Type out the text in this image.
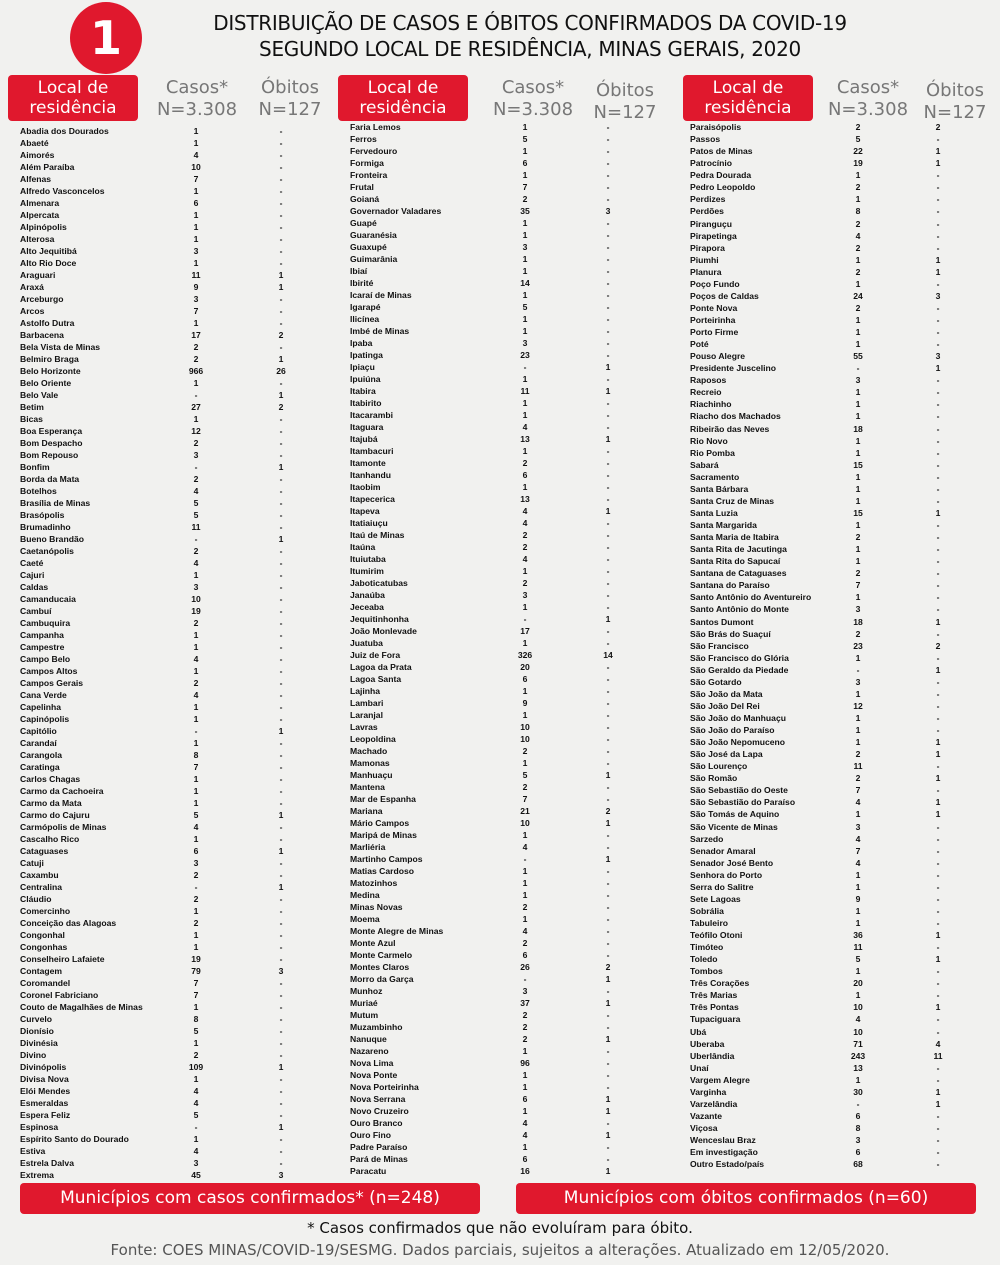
1	DISTRIBUIÇÃO DE CASOS E ÓBITOS CONFIRMADOS DA COVID-19
SEGUNDO LOCAL DE RESIDÊNCIA, MINAS GERAIS, 2020
Local de residência
Casos*
N=3.308
Óbitos
N=127
Local de residência
Casos*
N=3.308
Óbitos
N=127
Local de residência
Casos*
N=3.308
Óbitos
N=127
Abadia dos Dourados	1	-
Abaeté	1	-
Aimorés	4	-
Além Paraíba	10	-
Alfenas	7	-
Alfredo Vasconcelos	1	-
Almenara	6	-
Alpercata	1	-
Alpinópolis	1	-
Alterosa	1	-
Alto Jequitibá	3	-
Alto Rio Doce	1	-
Araguari	11	1
Araxá	9	1
Arceburgo	3	-
Arcos	7	-
Astolfo Dutra	1	-
Barbacena	17	2
Bela Vista de Minas	2	-
Belmiro Braga	2	1
Belo Horizonte	966	26
Belo Oriente	1	-
Belo Vale	-	1
Betim	27	2
Bicas	1	-
Boa Esperança	12	-
Bom Despacho	2	-
Bom Repouso	3	-
Bonfim	-	1
Borda da Mata	2	-
Botelhos	4	-
Brasília de Minas	5	-
Brasópolis	5	-
Brumadinho	11	-
Bueno Brandão	-	1
Caetanópolis	2	-
Caeté	4	-
Cajuri	1	-
Caldas	3	-
Camanducaia	10	-
Cambuí	19	-
Cambuquira	2	-
Campanha	1	-
Campestre	1	-
Campo Belo	4	-
Campos Altos	1	-
Campos Gerais	2	-
Cana Verde	4	-
Capelinha	1	-
Capinópolis	1	-
Capitólio	-	1
Carandaí	1	-
Carangola	8	-
Caratinga	7	-
Carlos Chagas	1	-
Carmo da Cachoeira	1	-
Carmo da Mata	1	-
Carmo do Cajuru	5	1
Carmópolis de Minas	4	-
Cascalho Rico	1	-
Cataguases	6	1
Catuji	3	-
Caxambu	2	-
Centralina	-	1
Cláudio	2	-
Comercinho	1	-
Conceição das Alagoas	2	-
Congonhal	1	-
Congonhas	1	-
Conselheiro Lafaiete	19	-
Contagem	79	3
Coromandel	7	-
Coronel Fabriciano	7	-
Couto de Magalhães de Minas	1	-
Curvelo	8	-
Dionísio	5	-
Divinésia	1	-
Divino	2	-
Divinópolis	109	1
Divisa Nova	1	-
Elói Mendes	4	-
Esmeraldas	4	-
Espera Feliz	5	-
Espinosa	-	1
Espírito Santo do Dourado	1	-
Estiva	4	-
Estrela Dalva	3	-
Extrema	45	3
Faria Lemos	1	-
Ferros	5	-
Fervedouro	1	-
Formiga	6	-
Fronteira	1	-
Frutal	7	-
Goianá	2	-
Governador Valadares	35	3
Guapé	1	-
Guaranésia	1	-
Guaxupé	3	-
Guimarânia	1	-
Ibiaí	1	-
Ibirité	14	-
Icaraí de Minas	1	-
Igarapé	5	-
Ilicínea	1	-
Imbé de Minas	1	-
Ipaba	3	-
Ipatinga	23	-
Ipiaçu	-	1
Ipuiúna	1	-
Itabira	11	1
Itabirito	1	-
Itacarambi	1	-
Itaguara	4	-
Itajubá	13	1
Itambacuri	1	-
Itamonte	2	-
Itanhandu	6	-
Itaobim	1	-
Itapecerica	13	-
Itapeva	4	1
Itatiaiuçu	4	-
Itaú de Minas	2	-
Itaúna	2	-
Ituiutaba	4	-
Itumirim	1	-
Jaboticatubas	2	-
Janaúba	3	-
Jeceaba	1	-
Jequitinhonha	-	1
João Monlevade	17	-
Juatuba	1	-
Juiz de Fora	326	14
Lagoa da Prata	20	-
Lagoa Santa	6	-
Lajinha	1	-
Lambari	9	-
Laranjal	1	-
Lavras	10	-
Leopoldina	10	-
Machado	2	-
Mamonas	1	-
Manhuaçu	5	1
Mantena	2	-
Mar de Espanha	7	-
Mariana	21	2
Mário Campos	10	1
Maripá de Minas	1	-
Marliéria	4	-
Martinho Campos	-	1
Matias Cardoso	1	-
Matozinhos	1	-
Medina	1	-
Minas Novas	2	-
Moema	1	-
Monte Alegre de Minas	4	-
Monte Azul	2	-
Monte Carmelo	6	-
Montes Claros	26	2
Morro da Garça	-	1
Munhoz	3	-
Muriaé	37	1
Mutum	2	-
Muzambinho	2	-
Nanuque	2	1
Nazareno	1	-
Nova Lima	96	-
Nova Ponte	1	-
Nova Porteirinha	1	-
Nova Serrana	6	1
Novo Cruzeiro	1	1
Ouro Branco	4	-
Ouro Fino	4	1
Padre Paraíso	1	-
Pará de Minas	6	-
Paracatu	16	1
Paraisópolis	2	2
Passos	5	-
Patos de Minas	22	1
Patrocínio	19	1
Pedra Dourada	1	-
Pedro Leopoldo	2	-
Perdizes	1	-
Perdões	8	-
Piranguçu	2	-
Pirapetinga	4	-
Pirapora	2	-
Piumhi	1	1
Planura	2	1
Poço Fundo	1	-
Poços de Caldas	24	3
Ponte Nova	2	-
Porteirinha	1	-
Porto Firme	1	-
Poté	1	-
Pouso Alegre	55	3
Presidente Juscelino	-	1
Raposos	3	-
Recreio	1	-
Riachinho	1	-
Riacho dos Machados	1	-
Ribeirão das Neves	18	-
Rio Novo	1	-
Rio Pomba	1	-
Sabará	15	-
Sacramento	1	-
Santa Bárbara	1	-
Santa Cruz de Minas	1	-
Santa Luzia	15	1
Santa Margarida	1	-
Santa Maria de Itabira	2	-
Santa Rita de Jacutinga	1	-
Santa Rita do Sapucaí	1	-
Santana de Cataguases	2	-
Santana do Paraíso	7	-
Santo Antônio do Aventureiro	1	-
Santo Antônio do Monte	3	-
Santos Dumont	18	1
São Brás do Suaçuí	2	-
São Francisco	23	2
São Francisco do Glória	1	-
São Geraldo da Piedade	-	1
São Gotardo	3	-
São João da Mata	1	-
São João Del Rei	12	-
São João do Manhuaçu	1	-
São João do Paraíso	1	-
São João Nepomuceno	1	1
São José da Lapa	2	1
São Lourenço	11	-
São Romão	2	1
São Sebastião do Oeste	7	-
São Sebastião do Paraíso	4	1
São Tomás de Aquino	1	1
São Vicente de Minas	3	-
Sarzedo	4	-
Senador Amaral	7	-
Senador José Bento	4	-
Senhora do Porto	1	-
Serra do Salitre	1	-
Sete Lagoas	9	-
Sobrália	1	-
Tabuleiro	1	-
Teófilo Otoni	36	1
Timóteo	11	-
Toledo	5	1
Tombos	1	-
Três Corações	20	-
Três Marias	1	-
Três Pontas	10	1
Tupaciguara	4	-
Ubá	10	-
Uberaba	71	4
Uberlândia	243	11
Unaí	13	-
Vargem Alegre	1	-
Varginha	30	1
Varzelândia	-	1
Vazante	6	-
Viçosa	8	-
Wenceslau Braz	3	-
Em investigação	6	-
Outro Estado/país	68	-
Municípios com casos confirmados* (n=248)	Municípios com óbitos confirmados (n=60)
* Casos confirmados que não evoluíram para óbito.
Fonte: COES MINAS/COVID-19/SESMG. Dados parciais, sujeitos a alterações. Atualizado em 12/05/2020.
